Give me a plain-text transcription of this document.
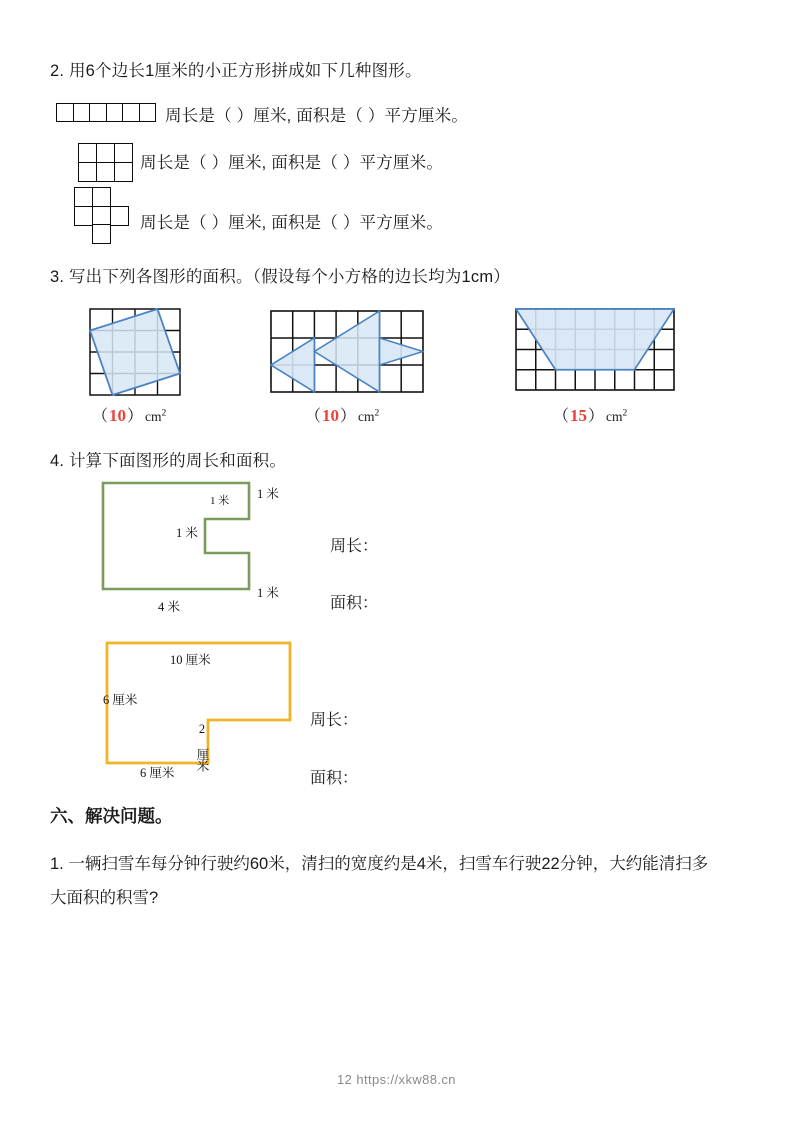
2. 用6个边长1厘米的小正方形拼成如下几种图形。
周长是（ ）厘米, 面积是（ ）平方厘米。
周长是（ ）厘米, 面积是（ ）平方厘米。
周长是（ ）厘米, 面积是（ ）平方厘米。
3. 写出下列各图形的面积。（假设每个小方格的边长均为1cm）
（10） $cm^2$	（10） $cm^2$	（15） $cm^2$
4. 计算下面图形的周长和面积。
1 米
1 米
1 米
1 米
4 米
周长：
面积：
10 厘米
6 厘米
2 厘米
6 厘米
周长：
面积：
六、解决问题。
1. 一辆扫雪车每分钟行驶约60米，清扫的宽度约是4米，扫雪车行驶22分钟，大约能清扫多大面积的积雪?
12 https://xkw88.cn
